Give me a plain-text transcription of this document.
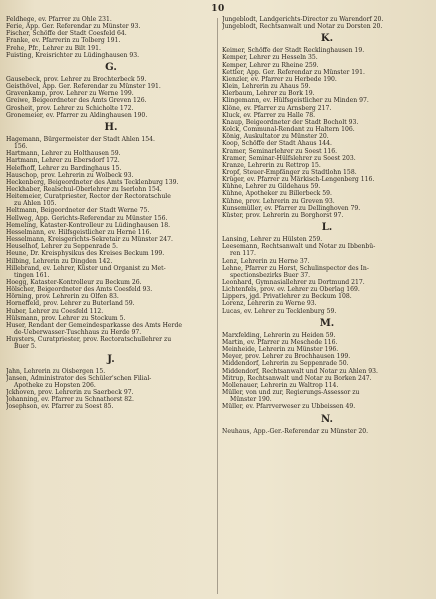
10
Feldhege, ev. Pfarrer zu Ohle 231.
Ferie, App. Ger. Referendar zu Münster 93.
Fischer, Schöffe der Stadt Coesfeld 64.
Franke, ev. Pfarrerin zu Tolberg 191.
Frehe, Pfr., Lehrer zu Bilt 191.
Fuisting, Kreisrichter zu Lüdinghausen 93.
G.
Gausebeck, prov. Lehrer zu Brochterbeck 59.
Geisthövel, App. Ger. Referendar zu Münster 191.
Gravenkamp, prov. Lehrer zu Werne 199.
Greiwe, Beigeordneter des Amts Greven 126.
Grosheit, prov. Lehrer zu Schicholte 172.
Gronemeier, ev. Pfarrer zu Aldinghausen 190.
H.
Hagemann, Bürgermeister der Stadt Ahlen 154.
156.
Hartmann, Lehrer zu Holthausen 59.
Hartmann, Lehrer zu Ebersdorf 172.
Helefhoff, Lehrer zu Bardinghaus 15.
Hauschop, prov. Lehrerin zu Wolbeck 93.
Heckenberg, Beigeordneter des Amts Tecklenburg 139.
Heckhaber, Realschul-Oberlehrer zu Iserlohn 154.
Heitemeier, Curatpriester, Rector der Rectoratschule
zu Ahlen 105.
Heltmann, Beigeordneter der Stadt Werne 75.
Hellweg, App. Gerichts-Referendar zu Münster 156.
Hemeling, Kataster-Kontrolleur zu Lüdinghausen 18.
Hesselmann, ev. Hilfsgeistlicher zu Herne 116.
Hesselmann, Kreisgerichts-Sekretair zu Münster 247.
Heuselhof, Lehrer zu Seppenrade 5.
Heune, Dr. Kreisphysikus des Kreises Beckum 199.
Hilbing, Lehrerin zu Dingden 142.
Hillebrand, ev. Lehrer, Küster und Organist zu Met-
tingen 161.
Hoegg, Kataster-Kontrolleur zu Beckum 26.
Hölscher, Beigeordneter des Amts Coesfeld 93.
Hörning, prov. Lehrerin zu Olfen 83.
Horneffeld, prov. Lehrer zu Buterland 59.
Huber, Lehrer zu Coesfeld 112.
Hülsmann, prov. Lehrer zu Stockum 5.
Huser, Rendant der Gemeindesparkasse des Amts Herde
de-Ueberwasser-Tuschhaus zu Herde 97.
Huysters, Curatpriester, prov. Rectoratschullehrer zu
Buer 5.
J.
Jahn, Lehrerin zu Oisbergen 15.
Jansen, Administrator des Schüler'schen Filial-
Apotheke zu Hopsten 206.
Jckhoven, prov. Lehrerin zu Saerbeck 97.
Johanning, ev. Pfarrer zu Schnathorst 82.
Josephson, ev. Pfarrer zu Soest 85.
Jungeblodt, Landgerichts-Director zu Warendorf 20.
Jungeblodt, Rechtsanwalt und Notar zu Dorsten 20.
K.
Keimer, Schöffe der Stadt Recklinghausen 19.
Kemper, Lehrer zu Hesseln 35.
Kemper, Lehrer zu Rheine 259.
Kettler, App. Ger. Referendar zu Münster 191.
Kienzler, ev. Pfarrer zu Herbede 190.
Klein, Lehrerin zu Ahaus 59.
Klerbaum, Lehrer zu Bork 19.
Klingemann, ev. Hülfsgeistlicher zu Minden 97.
Klöne, ev. Pfarrer zu Arnsberg 217.
Kluck, ev. Pfarrer zu Halle 78.
Knaup, Beigeordneter der Stadt Bocholt 93.
Kolck, Communal-Rendant zu Haltern 106.
König, Auskultator zu Münster 20.
Koop, Schöffe der Stadt Ahaus 144.
Kramer, Seminarlehrer zu Soest 116.
Kramer, Seminar-Hülfslehrer zu Soest 203.
Kranze, Lehrerin zu Rettrop 15.
Kropf, Steuer-Empfänger zu Stadtlohn 158.
Krüger, ev. Pfarrer zu Märkisch-Lengenberg 116.
Kühne, Lehrer zu Gildehaus 59.
Kühne, Apotheker zu Billerbeck 59.
Kühne, prov. Lehrerin zu Greven 93.
Kunsemüller, ev. Pfarrer zu Dellinghoven 79.
Küster, prov. Lehrerin zu Borghorst 97.
L.
Lansing, Lehrer zu Hülsten 259.
Leesemann, Rechtsanwalt und Notar zu Ibbenbü-
ren 117.
Lenz, Lehrerin zu Herne 37.
Lehne, Pfarrer zu Horst, Schulinspector des In-
spectionsbezirks Buer 37.
Leonhard, Gymnasiallehrer zu Dortmund 217.
Lichtenfels, prov. ev. Lehrer zu Oberlag 169.
Lippers, jgd. Privatlehrer zu Beckum 108.
Lorenz, Lehrerin zu Werne 93.
Lucas, ev. Lehrer zu Tecklenburg 59.
M.
Marxfelding, Lehrerin zu Heiden 59.
Martin, ev. Pfarrer zu Meschede 116.
Meinheide, Lehrerin zu Münster 196.
Meyer, prov. Lehrer zu Brochhausen 199.
Middendorf, Lehrerin zu Seppenrade 50.
Middendorf, Rechtsanwalt und Notar zu Ahlen 93.
Mitrup, Rechtsanwalt und Notar zu Borken 247.
Mollenauer, Lehrerin zu Waltrop 114.
Müller, von und zur, Regierungs-Assessor zu
Münster 190.
Müller, ev. Pfarrverweser zu Ubbeissen 49.
N.
Neuhaus, App.-Ger.-Referendar zu Münster 20.
